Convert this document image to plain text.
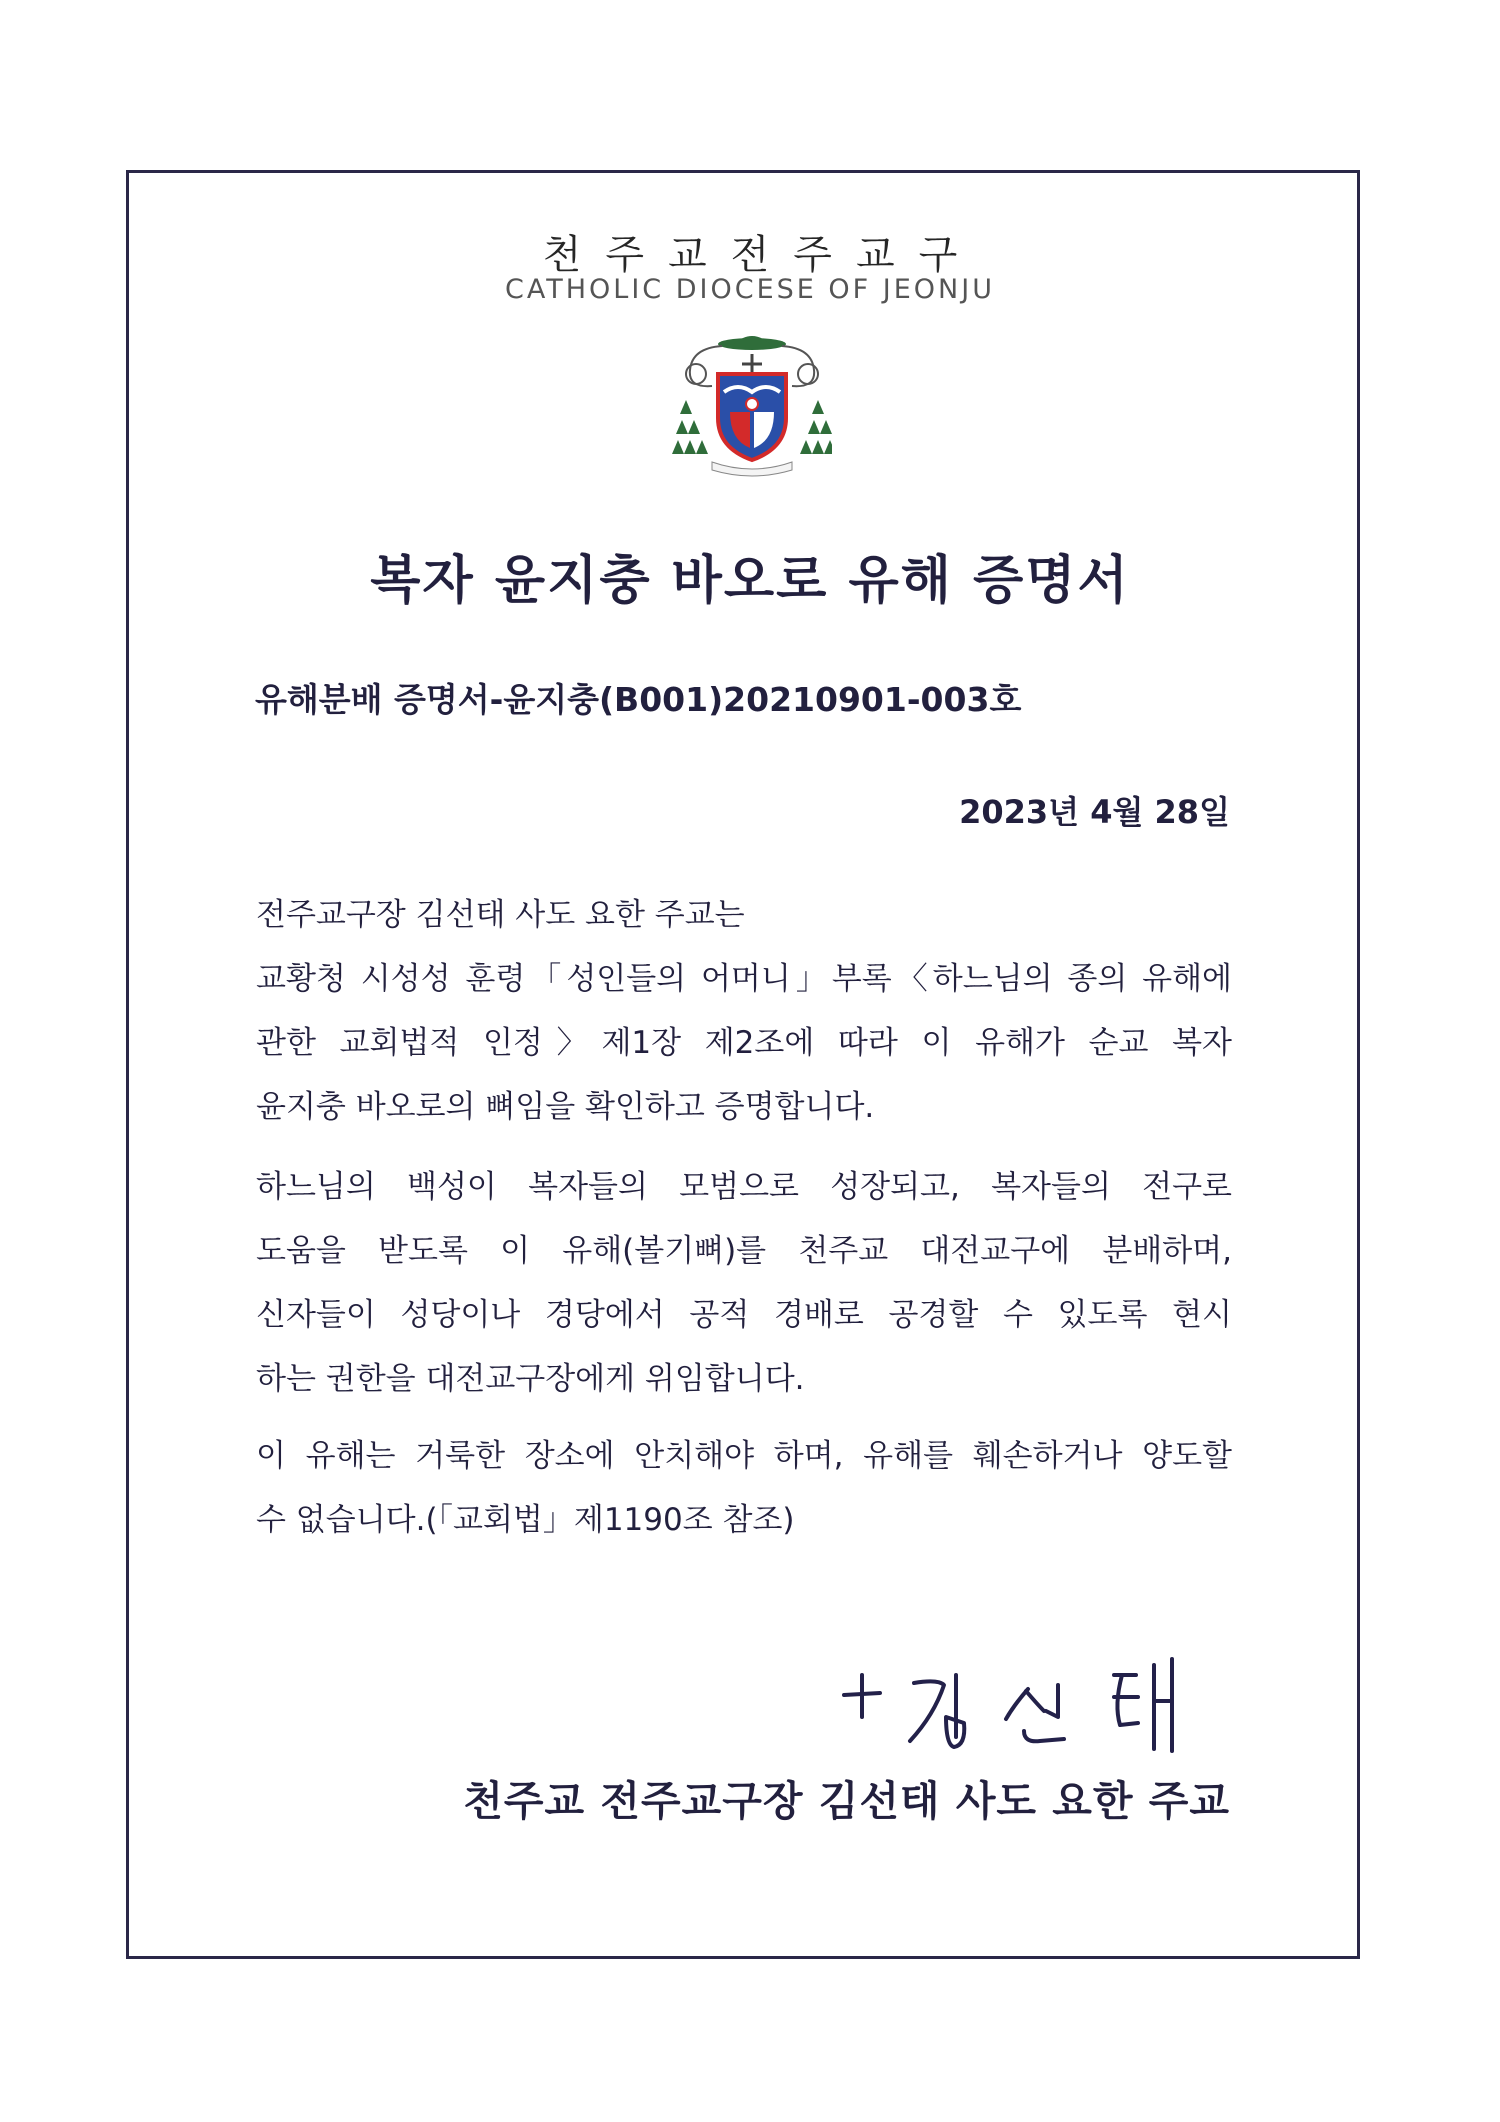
천주교전주교구
CATHOLIC DIOCESE OF JEONJU
복자 윤지충 바오로 유해 증명서
유해분배 증명서-윤지충(B001)20210901-003호
2023년 4월 28일
전주교구장 김선태 사도 요한 주교는
교황청 시성성 훈령「성인들의 어머니」부록〈하느님의 종의 유해에
관한 교회법적 인정〉제1장 제2조에 따라 이 유해가 순교 복자
윤지충 바오로의 뼈임을 확인하고 증명합니다.
하느님의 백성이 복자들의 모범으로 성장되고, 복자들의 전구로
도움을 받도록 이 유해(볼기뼈)를 천주교 대전교구에 분배하며,
신자들이 성당이나 경당에서 공적 경배로 공경할 수 있도록 현시
하는 권한을 대전교구장에게 위임합니다.
이 유해는 거룩한 장소에 안치해야 하며, 유해를 훼손하거나 양도할
수 없습니다.(「교회법」제1190조 참조)
천주교 전주교구장 김선태 사도 요한 주교
